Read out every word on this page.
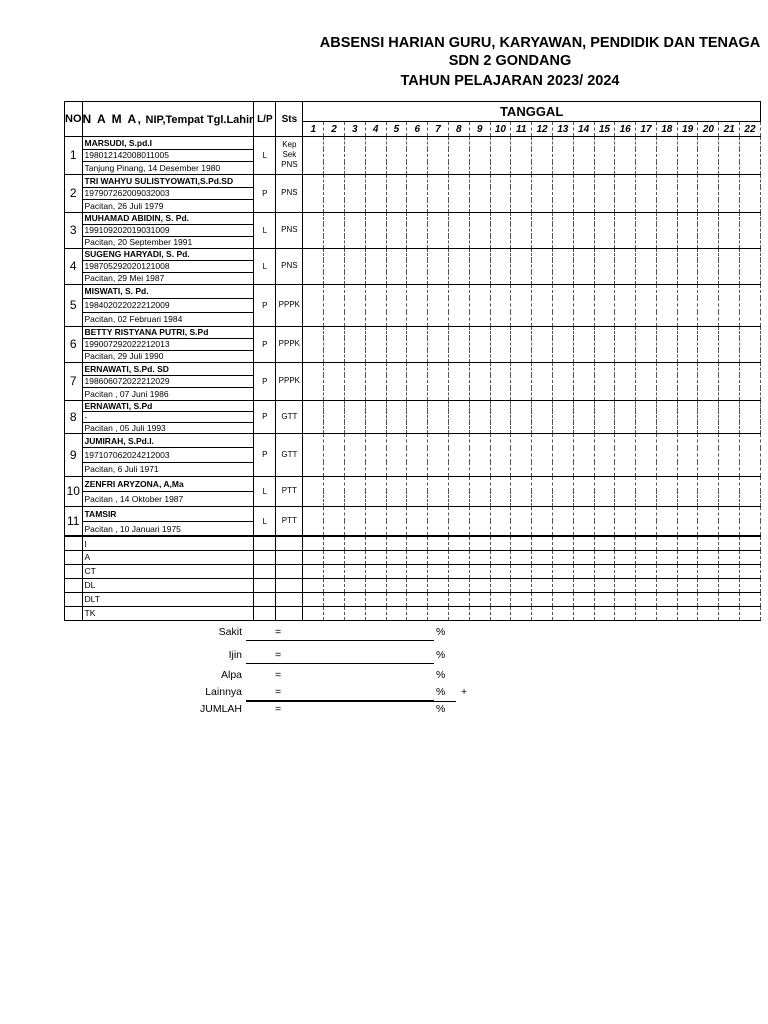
ABSENSI HARIAN GURU, KARYAWAN, PENDIDIK DAN TENAGA
SDN 2 GONDANG
TAHUN PELAJARAN 2023/ 2024
NO	N A M A, NIP,Tempat Tgl.Lahir	L/P	Sts	TANGGAL																					
				1	2	3	4	5	6	7	8	9	10	11	12	13	14	15	16	17	18	19	20	21	22
1	MARSUDI, S.pd.I	L	Kep
Sek
PNS																						

	198012142008011005																								
	Tanjung Pinang, 14 Desember 1980																								
2	TRI WAHYU SULISTYOWATI,S.Pd.SD	P	PNS																						

	197907262009032003																								
	Pacitan, 26 Juli 1979																								
3	MUHAMAD ABIDIN, S. Pd.	L	PNS																						

	199109202019031009																								
	Pacitan, 20 September 1991																								
4	SUGENG HARYADI, S. Pd.	L	PNS																						

	198705292020121008																								
	Pacitan, 29 Mei 1987																								
5	MISWATI, S. Pd.	P	PPPK																						

	198402022022212009																								
	Pacitan, 02 Februari 1984																								
6	BETTY RISTYANA PUTRI, S.Pd	P	PPPK																						

	199007292022212013																								
	Pacitan, 29 Juli 1990																								
7	ERNAWATI, S.Pd. SD	P	PPPK																						

	198606072022212029																								
	Pacitan , 07 Juni 1986																								
8	ERNAWATI, S.Pd	P	GTT																						

	-																								
	Pacitan , 05 Juli 1993																								
9	JUMIRAH, S.Pd.I.	P	GTT																						

	197107062024212003																								
	Pacitan, 6 Juli 1971																								
10	ZENFRI ARYZONA, A,Ma	L	PTT																						

	Pacitan , 14 Oktober 1987																								
11	TAMSIR	L	PTT																						

	Pacitan , 10 Januari 1975																								
	I																								
	A																								
	CT																								
	DL																								
	DLT																								
	TK																								
Sakit	=	%
Ijin	=	%
Alpa	=	%
Lainnya	=	% +
JUMLAH	=	%
